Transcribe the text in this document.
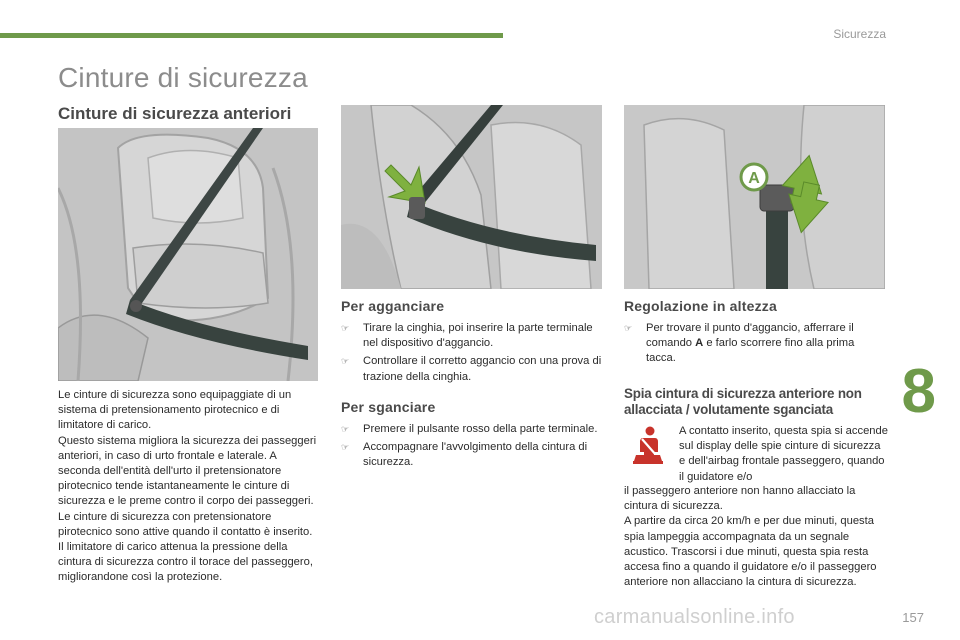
Sicurezza
Cinture di sicurezza
Cinture di sicurezza anteriori
A

Le cinture di sicurezza sono equipaggiate di un sistema di pretensionamento pirotecnico e di limitatore di carico.

Questo sistema migliora la sicurezza dei passeggeri anteriori, in caso di urto frontale e laterale. A seconda dell'entità dell'urto il pretensionatore pirotecnico tende istantaneamente le cinture di sicurezza e le preme contro il corpo dei passeggeri.

Le cinture di sicurezza con pretensionatore pirotecnico sono attive quando il contatto è inserito.

Il limitatore di carico attenua la pressione della cintura di sicurezza contro il torace del passeggero, migliorandone così la protezione.

Per agganciare
☞ Tirare la cinghia, poi inserire la parte terminale nel dispositivo d'aggancio.
☞ Controllare il corretto aggancio con una prova di trazione della cinghia.
Per sganciare
☞ Premere il pulsante rosso della parte terminale.
☞ Accompagnare l'avvolgimento della cintura di sicurezza.
Regolazione in altezza
☞ Per trovare il punto d'aggancio, afferrare il comando A e farlo scorrere fino alla prima tacca.
Spia cintura di sicurezza anteriore non allacciata / volutamente sganciata
A contatto inserito, questa spia si accende sul display delle spie cinture di sicurezza e dell'airbag frontale passeggero, quando il guidatore e/o

il passeggero anteriore non hanno allacciato la cintura di sicurezza.

A partire da circa 20 km/h e per due minuti, questa spia lampeggia accompagnata da un segnale acustico. Trascorsi i due minuti, questa spia resta accesa fino a quando il guidatore e/o il passeggero anteriore non allacciano la cintura di sicurezza.

8
carmanualsonline.info	157
